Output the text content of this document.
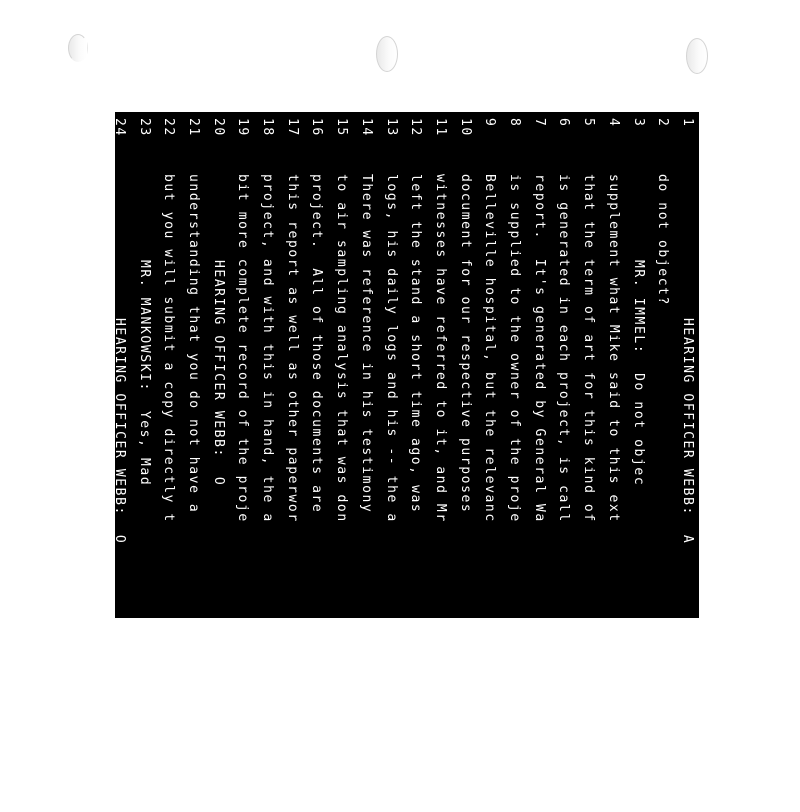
1
HEARING OFFICER WEBB:  A
2
do not object?
3
MR. IMMEL:  Do not objec
4
supplement what Mike said to this ext
5
that the term of art for this kind of
6
is generated in each project, is call
7
report.  It's generated by General Wa
8
is supplied to the owner of the proje
9
Belleville hospital, but the relevanc
10
document for our respective purposes
11
witnesses have referred to it, and Mr
12
left the stand a short time ago, was
13
logs, his daily logs and his -- the a
14
There was reference in his testimony
15
to air sampling analysis that was don
16
project.  All of those documents are
17
this report as well as other paperwor
18
project, and with this in hand, the a
19
bit more complete record of the proje
20
HEARING OFFICER WEBB:  O
21
understanding that you do not have a
22
but you will submit a copy directly t
23
MR. MANKOWSKI:  Yes, Mad
24
HEARING OFFICER WEBB:  O
